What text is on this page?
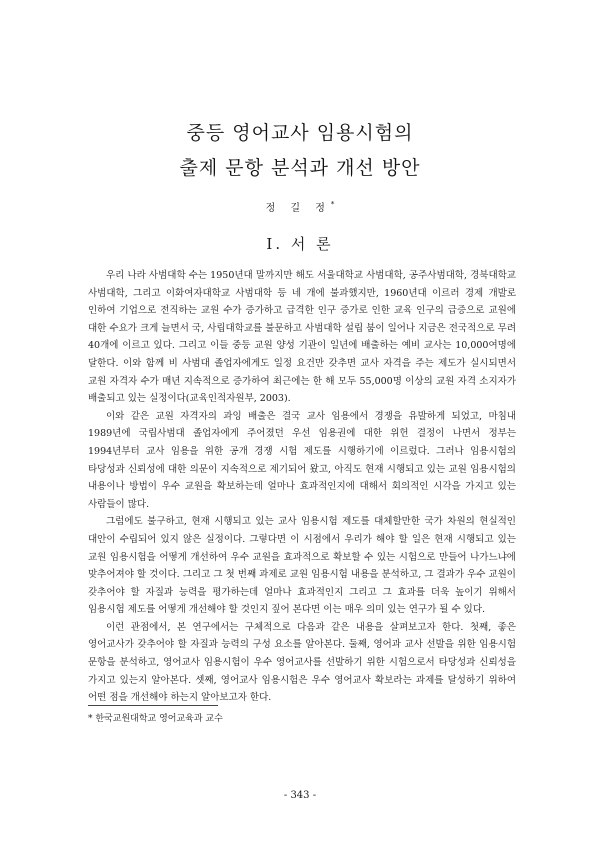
중등 영어교사 임용시험의
출제 문항 분석과 개선 방안
정 길 정*
I. 서 론

우리 나라 사범대학 수는 1950년대 말까지만 해도 서울대학교 사범대학, 공주사범대학, 경북대학교 사범대학, 그리고 이화여자대학교 사범대학 등 네 개에 불과했지만, 1960년대 이르러 경제 개발로 인하여 기업으로 전직하는 교원 수가 증가하고 급격한 인구 증가로 인한 교육 인구의 급증으로 교원에 대한 수요가 크게 늘면서 국, 사립대학교를 불문하고 사범대학 설립 붐이 일어나 지금은 전국적으로 무려 40개에 이르고 있다. 그리고 이들 중등 교원 양성 기관이 일년에 배출하는 예비 교사는 10,000여명에 달한다. 이와 함께 비 사범대 졸업자에게도 일정 요건만 갖추면 교사 자격을 주는 제도가 실시되면서 교원 자격자 수가 매년 지속적으로 증가하여 최근에는 한 해 모두 55,000명 이상의 교원 자격 소지자가 배출되고 있는 실정이다(교육인적자원부, 2003).

이와 같은 교원 자격자의 과잉 배출은 결국 교사 임용에서 경쟁을 유발하게 되었고, 마침내 1989년에 국립사범대 졸업자에게 주어졌던 우선 임용권에 대한 위헌 결정이 나면서 정부는 1994년부터 교사 임용을 위한 공개 경쟁 시험 제도를 시행하기에 이르렀다. 그러나 임용시험의 타당성과 신뢰성에 대한 의문이 지속적으로 제기되어 왔고, 아직도 현재 시행되고 있는 교원 임용시험의 내용이나 방법이 우수 교원을 확보하는데 얼마나 효과적인지에 대해서 회의적인 시각을 가지고 있는 사람들이 많다.

그럼에도 불구하고, 현재 시행되고 있는 교사 임용시험 제도를 대체할만한 국가 차원의 현실적인 대안이 수립되어 있지 않은 실정이다. 그렇다면 이 시점에서 우리가 해야 할 일은 현재 시행되고 있는 교원 임용시험을 어떻게 개선하여 우수 교원을 효과적으로 확보할 수 있는 시험으로 만들어 나가느냐에 맞추어져야 할 것이다. 그리고 그 첫 번째 과제로 교원 임용시험 내용을 분석하고, 그 결과가 우수 교원이 갖추어야 할 자질과 능력을 평가하는데 얼마나 효과적인지 그리고 그 효과를 더욱 높이기 위해서 임용시험 제도를 어떻게 개선해야 할 것인지 짚어 본다면 이는 매우 의미 있는 연구가 될 수 있다.

이런 관점에서, 본 연구에서는 구체적으로 다음과 같은 내용을 살펴보고자 한다. 첫째, 좋은 영어교사가 갖추어야 할 자질과 능력의 구성 요소를 알아본다. 둘째, 영어과 교사 선발을 위한 임용시험 문항을 분석하고, 영어교사 임용시험이 우수 영어교사를 선발하기 위한 시험으로서 타당성과 신뢰성을 가지고 있는지 알아본다. 셋째, 영어교사 임용시험은 우수 영어교사 확보라는 과제를 달성하기 위하여 어떤 점을 개선해야 하는지 알아보고자 한다.

* 한국교원대학교 영어교육과 교수
- 343 -
